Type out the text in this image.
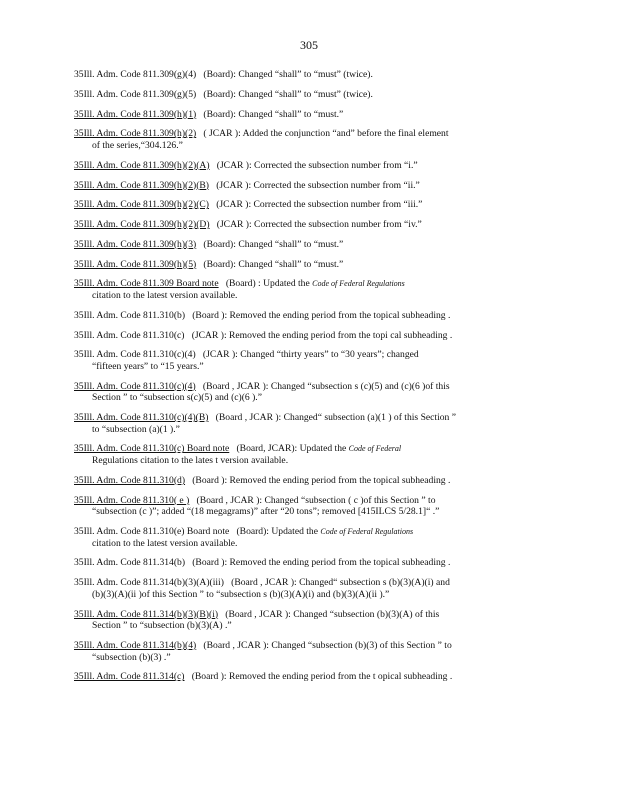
305
35Ill. Adm. Code 811.309(g)(4) (Board): Changed “shall” to “must” (twice).
35Ill. Adm. Code 811.309(g)(5) (Board): Changed “shall” to “must” (twice).
35Ill. Adm. Code 811.309(h)(1) (Board): Changed “shall” to “must.”
35Ill. Adm. Code 811.309(h)(2) ( JCAR ): Added the conjunction “and” before the final element
of the series,“304.126.”
35Ill. Adm. Code 811.309(h)(2)(A) (JCAR ): Corrected the subsection number from “i.”
35Ill. Adm. Code 811.309(h)(2)(B) (JCAR ): Corrected the subsection number from “ii.”
35Ill. Adm. Code 811.309(h)(2)(C) (JCAR ): Corrected the subsection number from “iii.”
35Ill. Adm. Code 811.309(h)(2)(D) (JCAR ): Corrected the subsection number from “iv.”
35Ill. Adm. Code 811.309(h)(3) (Board): Changed “shall” to “must.”
35Ill. Adm. Code 811.309(h)(5) (Board): Changed “shall” to “must.”
35Ill. Adm. Code 811.309 Board note (Board) : Updated the Code of Federal Regulations
citation to the latest version available.
35Ill. Adm. Code 811.310(b) (Board ): Removed the ending period from the topical subheading .
35Ill. Adm. Code 811.310(c) (JCAR ): Removed the ending period from the topi cal subheading .
35Ill. Adm. Code 811.310(c)(4) (JCAR ): Changed “thirty years” to “30 years”; changed
“fifteen years” to “15 years.”
35Ill. Adm. Code 811.310(c)(4) (Board , JCAR ): Changed “subsection s (c)(5) and (c)(6 )of this
Section ” to “subsection s(c)(5) and (c)(6 ).”
35Ill. Adm. Code 811.310(c)(4)(B) (Board , JCAR ): Changed“ subsection (a)(1 ) of this Section ”
to “subsection (a)(1 ).”
35Ill. Adm. Code 811.310(c) Board note (Board, JCAR): Updated the Code of Federal
Regulations citation to the lates t version available.
35Ill. Adm. Code 811.310(d) (Board ): Removed the ending period from the topical subheading .
35Ill. Adm. Code 811.310( e ) (Board , JCAR ): Changed “subsection ( c )of this Section ” to
“subsection (c )”; added “(18 megagrams)” after “20 tons”; removed [415ILCS 5/28.1]“ .”
35Ill. Adm. Code 811.310(e) Board note (Board): Updated the Code of Federal Regulations
citation to the latest version available.
35Ill. Adm. Code 811.314(b) (Board ): Removed the ending period from the topical subheading .
35Ill. Adm. Code 811.314(b)(3)(A)(iii) (Board , JCAR ): Changed“ subsection s (b)(3)(A)(i) and
(b)(3)(A)(ii )of this Section ” to “subsection s (b)(3)(A)(i) and (b)(3)(A)(ii ).”
35Ill. Adm. Code 811.314(b)(3)(B)(i) (Board , JCAR ): Changed “subsection (b)(3)(A) of this
Section ” to “subsection (b)(3)(A) .”
35Ill. Adm. Code 811.314(b)(4) (Board , JCAR ): Changed “subsection (b)(3) of this Section ” to
“subsection (b)(3) .”
35Ill. Adm. Code 811.314(c) (Board ): Removed the ending period from the t opical subheading .
